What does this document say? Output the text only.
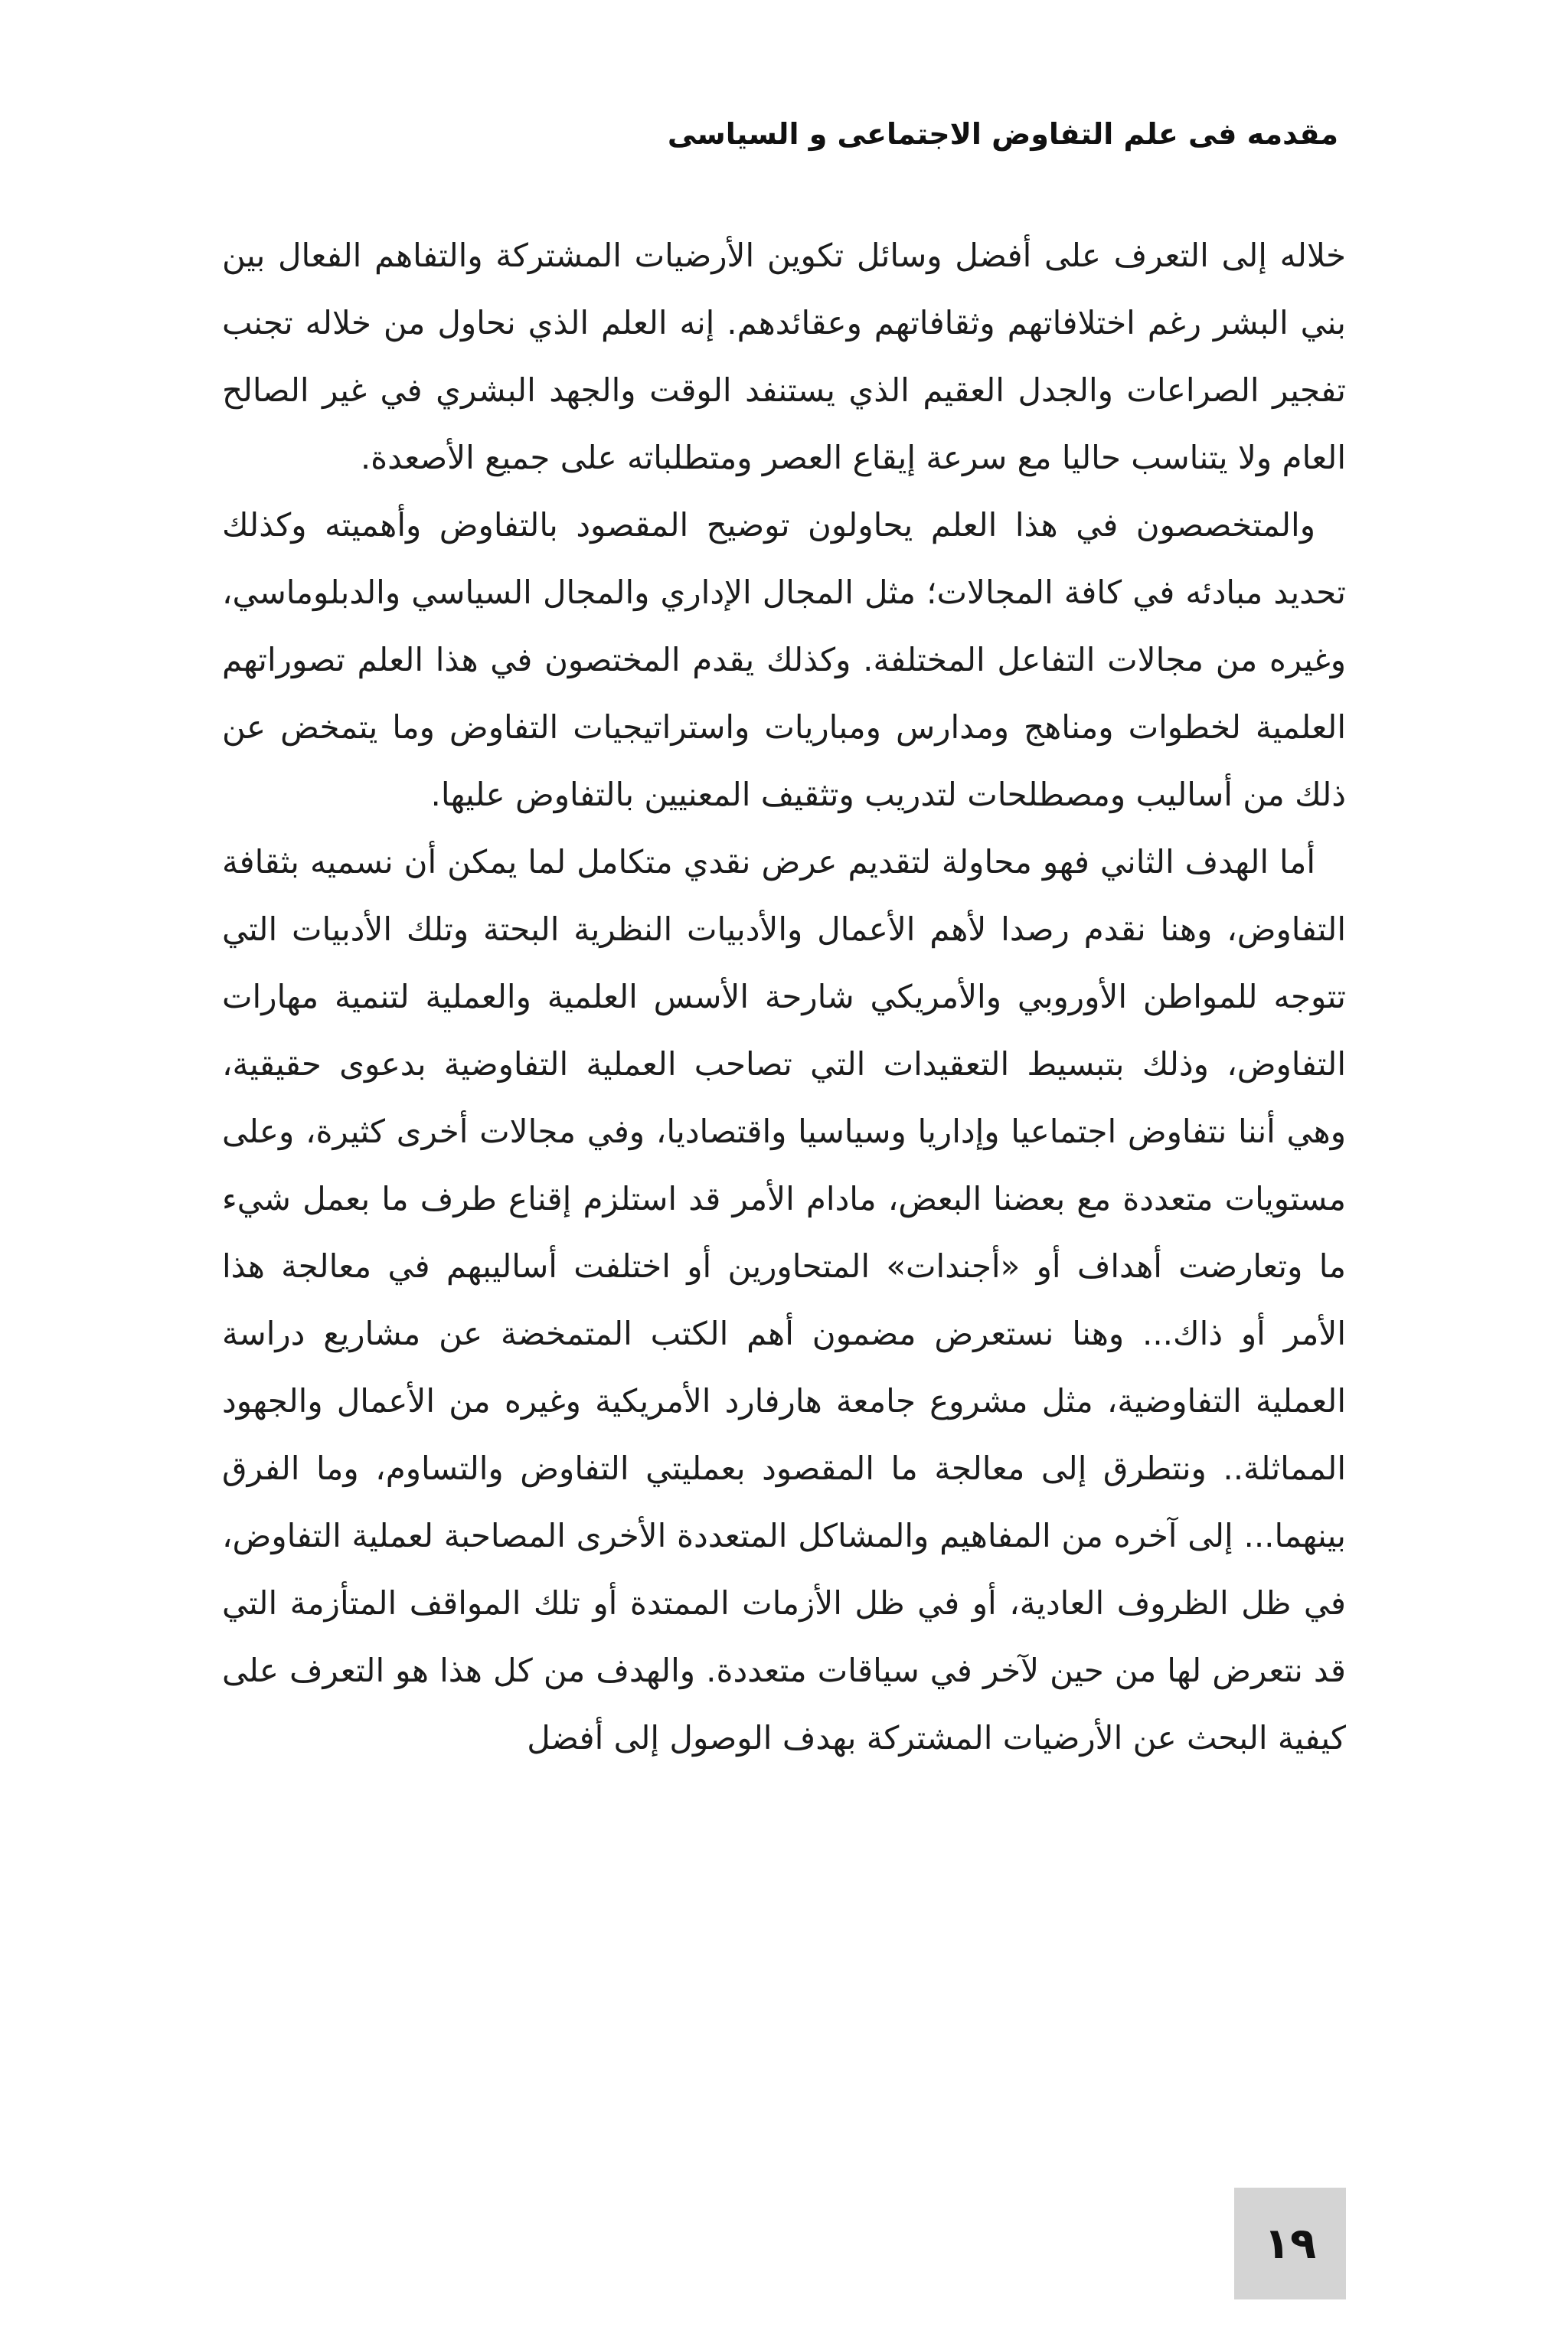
مقدمه فى علم التفاوض الاجتماعى و السياسى

خلاله إلى التعرف على أفضل وسائل تكوين الأرضيات المشتركة والتفاهم الفعال بين بني البشر رغم اختلافاتهم وثقافاتهم وعقائدهم. إنه العلم الذي نحاول من خلاله تجنب تفجير الصراعات والجدل العقيم الذي يستنفد الوقت والجهد البشري في غير الصالح العام ولا يتناسب حاليا مع سرعة إيقاع العصر ومتطلباته على جميع الأصعدة.

والمتخصصون في هذا العلم يحاولون توضيح المقصود بالتفاوض وأهميته وكذلك تحديد مبادئه في كافة المجالات؛ مثل المجال الإداري والمجال السياسي والدبلوماسي، وغيره من مجالات التفاعل المختلفة. وكذلك يقدم المختصون في هذا العلم تصوراتهم العلمية لخطوات ومناهج ومدارس ومباريات واستراتيجيات التفاوض وما يتمخض عن ذلك من أساليب ومصطلحات لتدريب وتثقيف المعنيين بالتفاوض عليها.

أما الهدف الثاني فهو محاولة لتقديم عرض نقدي متكامل لما يمكن أن نسميه بثقافة التفاوض، وهنا نقدم رصدا لأهم الأعمال والأدبيات النظرية البحتة وتلك الأدبيات التي تتوجه للمواطن الأوروبي والأمريكي شارحة الأسس العلمية والعملية لتنمية مهارات التفاوض، وذلك بتبسيط التعقيدات التي تصاحب العملية التفاوضية بدعوى حقيقية، وهي أننا نتفاوض اجتماعيا وإداريا وسياسيا واقتصاديا، وفي مجالات أخرى كثيرة، وعلى مستويات متعددة مع بعضنا البعض، مادام الأمر قد استلزم إقناع طرف ما بعمل شيء ما وتعارضت أهداف أو «أجندات» المتحاورين أو اختلفت أساليبهم في معالجة هذا الأمر أو ذاك... وهنا نستعرض مضمون أهم الكتب المتمخضة عن مشاريع دراسة العملية التفاوضية، مثل مشروع جامعة هارفارد الأمريكية وغيره من الأعمال والجهود المماثلة.. ونتطرق إلى معالجة ما المقصود بعمليتي التفاوض والتساوم، وما الفرق بينهما... إلى آخره من المفاهيم والمشاكل المتعددة الأخرى المصاحبة لعملية التفاوض، في ظل الظروف العادية، أو في ظل الأزمات الممتدة أو تلك المواقف المتأزمة التي قد نتعرض لها من حين لآخر في سياقات متعددة. والهدف من كل هذا هو التعرف على كيفية البحث عن الأرضيات المشتركة بهدف الوصول إلى أفضل

١٩
